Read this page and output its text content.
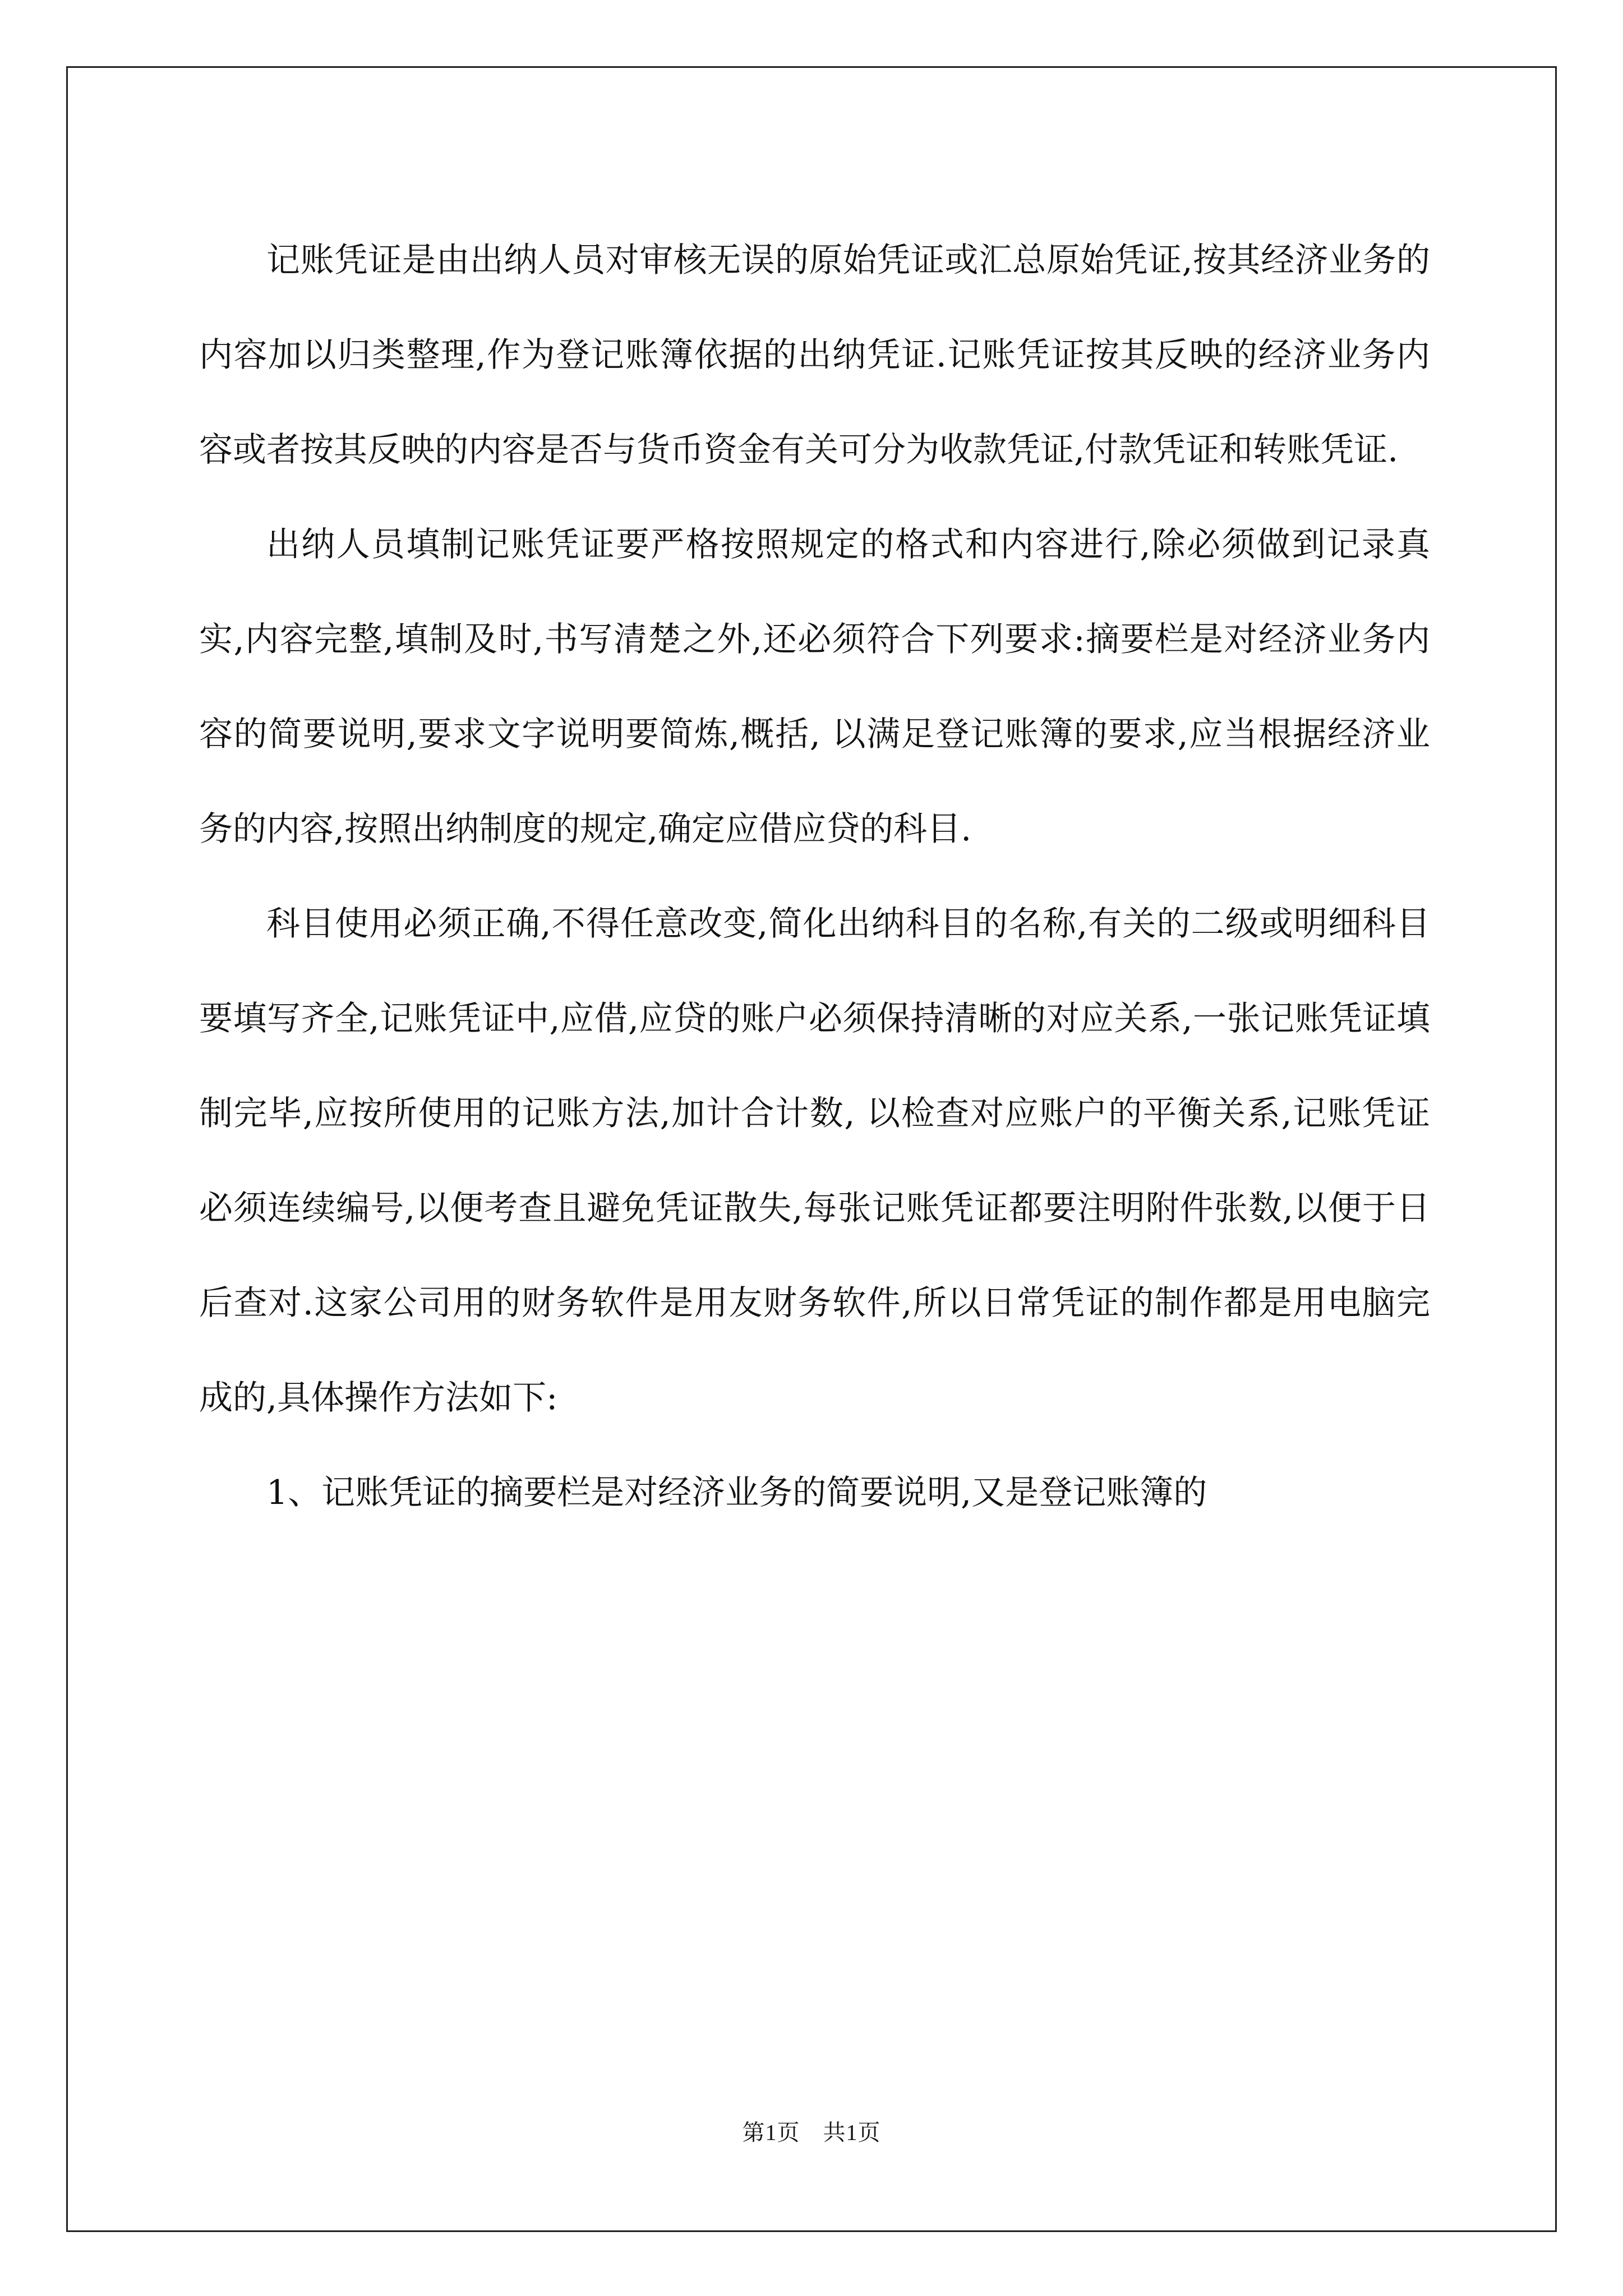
记账凭证是由出纳人员对审核无误的原始凭证或汇总原始凭证,按其经济业务的内容加以归类整理,作为登记账簿依据的出纳凭证.记账凭证按其反映的经济业务内容或者按其反映的内容是否与货币资金有关可分为收款凭证,付款凭证和转账凭证.

出纳人员填制记账凭证要严格按照规定的格式和内容进行,除必须做到记录真实,内容完整,填制及时,书写清楚之外,还必须符合下列要求:摘要栏是对经济业务内容的简要说明,要求文字说明要简炼,概括, 以满足登记账簿的要求,应当根据经济业务的内容,按照出纳制度的规定,确定应借应贷的科目.

科目使用必须正确,不得任意改变,简化出纳科目的名称,有关的二级或明细科目要填写齐全,记账凭证中,应借,应贷的账户必须保持清晰的对应关系,一张记账凭证填制完毕,应按所使用的记账方法,加计合计数, 以检查对应账户的平衡关系,记账凭证必须连续编号,以便考查且避免凭证散失,每张记账凭证都要注明附件张数,以便于日后查对.这家公司用的财务软件是用友财务软件,所以日常凭证的制作都是用电脑完成的,具体操作方法如下:

1、记账凭证的摘要栏是对经济业务的简要说明,又是登记账簿的

第1页　共1页
